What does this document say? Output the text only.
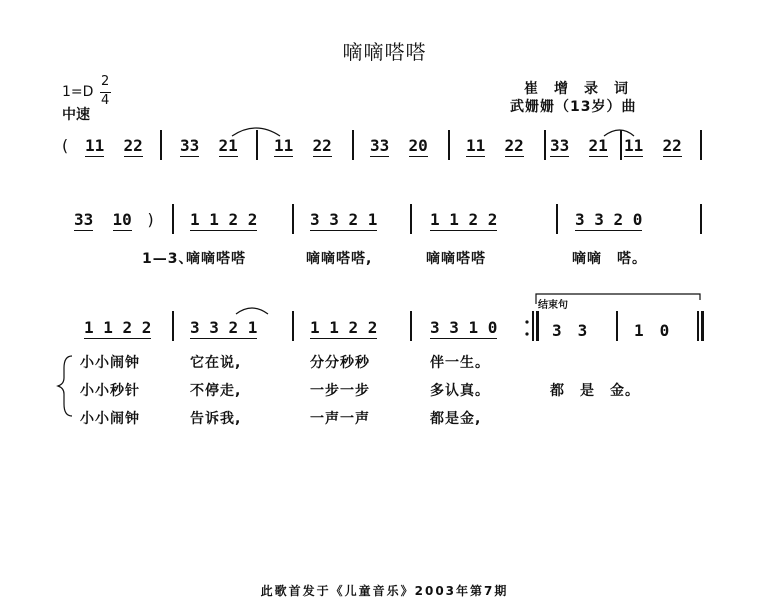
嘀嘀嗒嗒
1=D
2
4
中速
崔　增　录　词
武姗姗（13岁）曲
( 11 22 33 21 11 22 33 20 11 22 33 21 11 22
33 10 ) 1 1 2 2	3 3 2 1	1 1 2 2	3 3 2 0
1—3、
嘀嘀嗒嗒	嘀嘀嗒嗒,	嘀嘀嗒嗒	嘀嘀　嗒。
1 1 2 2 3 3 2 1	1 1 2 2	3 3 1 0	3　3	1　0
结束句
小小闹钟	它在说,	分分秒秒	伴一生。
小小秒针	不停走,	一步一步	多认真。	都　是　金。
小小闹钟	告诉我,	一声一声	都是金,
此歌首发于《儿童音乐》2003年第7期
